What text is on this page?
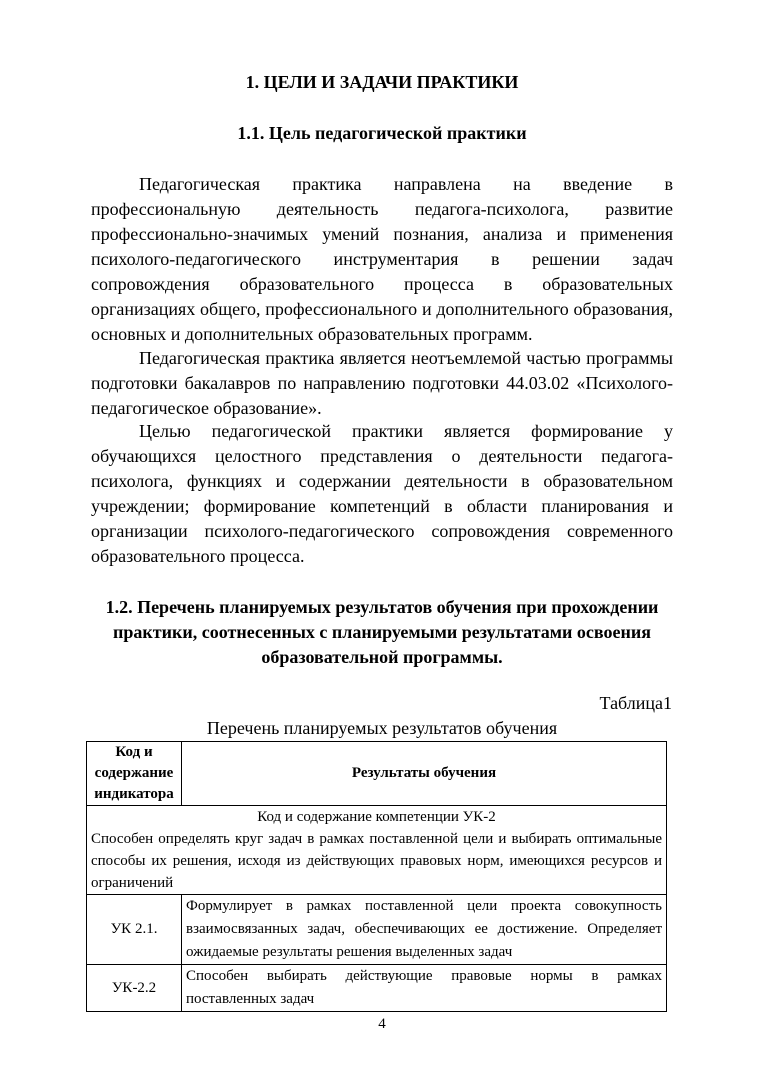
1. ЦЕЛИ И ЗАДАЧИ ПРАКТИКИ
1.1. Цель педагогической практики

Педагогическая практика направлена на введение в профессиональную деятельность педагога-психолога, развитие профессионально-значимых умений познания, анализа и применения психолого-педагогического инструментария в решении задач сопровождения образовательного процесса в образовательных организациях общего, профессионального и дополнительного образования, основных и дополнительных образовательных программ.

Педагогическая практика является неотъемлемой частью программы подготовки бакалавров по направлению подготовки 44.03.02 «Психолого-педагогическое образование».

Целью педагогической практики является формирование у обучающихся целостного представления о деятельности педагога-психолога, функциях и содержании деятельности в образовательном учреждении; формирование компетенций в области планирования и организации психолого-педагогического сопровождения современного образовательного процесса.

1.2. Перечень планируемых результатов обучения при прохождении практики, соотнесенных с планируемыми результатами освоения образовательной программы.

Таблица1
Перечень планируемых результатов обучения
Код и содержание индикатора	Результаты обучения

Код и содержание компетенции УК-2
Способен определять круг задач в рамках поставленной цели и выбирать оптимальные способы их решения, исходя из действующих правовых норм, имеющихся ресурсов и ограничений	

УК 2.1.	Формулирует в рамках поставленной цели проекта совокупность взаимосвязанных задач, обеспечивающих ее достижение. Определяет ожидаемые результаты решения выделенных задач
УК-2.2	Способен выбирать действующие правовые нормы в рамках поставленных задач
4
